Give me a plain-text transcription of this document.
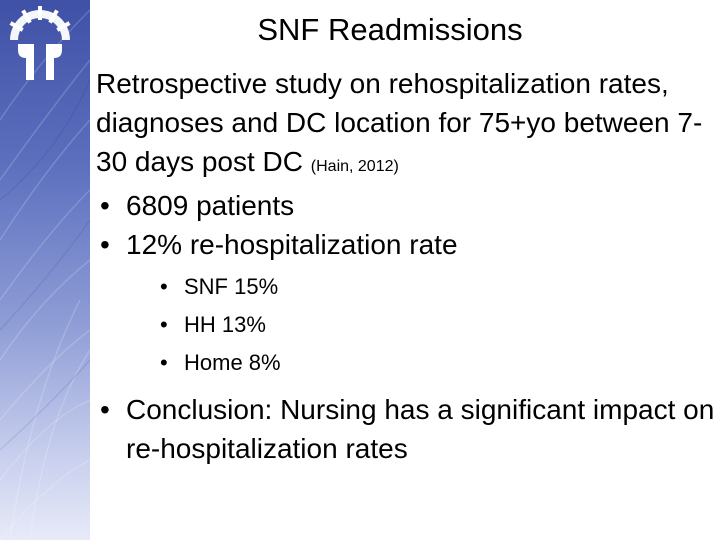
SNF Readmissions

Retrospective study on rehospitalization rates, diagnoses and DC location for 75+yo between 7-30 days post DC (Hain, 2012)

• 6809 patients
• 12% re-hospitalization rate
• SNF 15%
• HH 13%
• Home 8%
• Conclusion: Nursing has a significant impact on re-hospitalization rates
